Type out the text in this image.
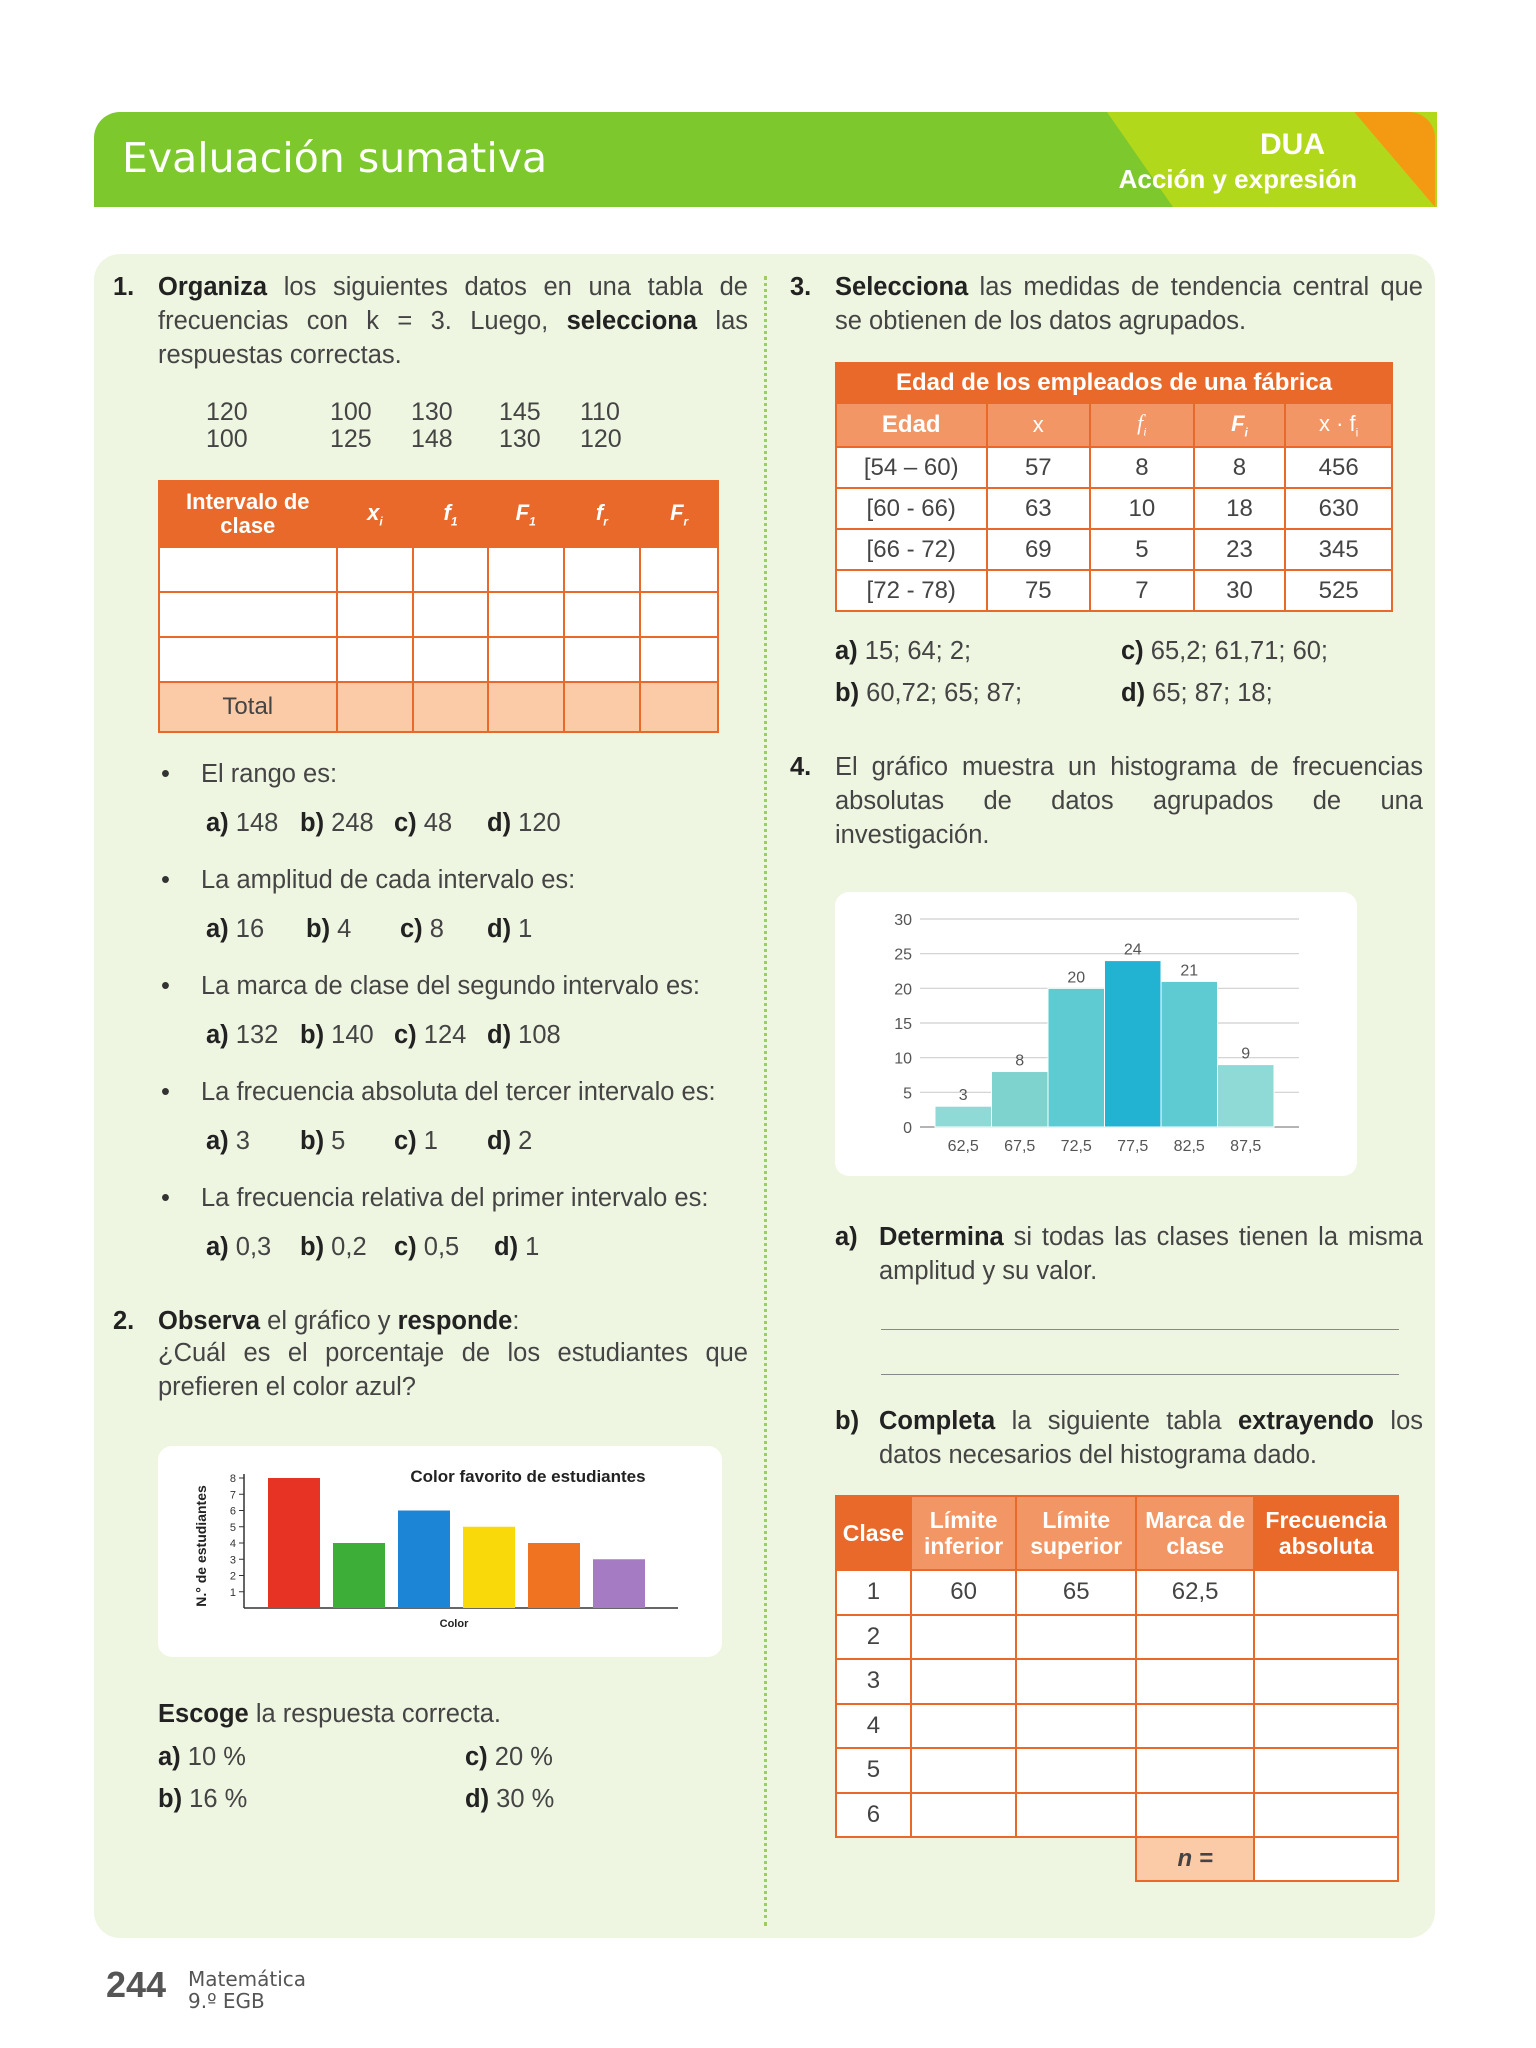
Evaluación sumativa	DUA
Acción y expresión
1. Organiza los siguientes datos en una tabla de frecuencias con k = 3. Luego, selecciona las respuestas correctas.
120	100 130 145 110
100	125 148 130 120
Intervalo de clase	$x_i$	$f_1$	$F_1$	$f_r$	$F_r$

Total					
• El rango es:
a) 148 b) 248 c) 48 d) 120
• La amplitud de cada intervalo es:
a) 16 b) 4 c) 8 d) 1
• La marca de clase del segundo intervalo es:
a) 132 b) 140 c) 124 d) 108
• La frecuencia absoluta del tercer intervalo es:
a) 3 b) 5 c) 1 d) 2
• La frecuencia relativa del primer intervalo es:
a) 0,3 b) 0,2 c) 0,5 d) 1
2. Observa el gráfico y responde:
¿Cuál es el porcentaje de los estudiantes que prefieren el color azul?
1
2
3
4
5
6
7
8	Color favorito de estudiantes
Color
N.° de estudiantes
Escoge la respuesta correcta.
a) 10 %	c) 20 %
b) 16 %	d) 30 %
3. Selecciona las medidas de tendencia central que se obtienen de los datos agrupados.
Edad de los empleados de una fábrica				
Edad	x	$f_i$	$F_i$	$x \cdot f_i$
[54 – 60)	57	8	8	456
[60 - 66)	63	10	18	630
[66 - 72)	69	5	23	345
[72 - 78)	75	7	30	525
a) 15; 64; 2;	c) 65,2; 61,71; 60;
b) 60,72; 65; 87;	d) 65; 87; 18;
4. El gráfico muestra un histograma de frecuencias absolutas de datos agrupados de una investigación.
0
5
10
15
20
25
30
3
62,5
8
67,5
20
72,5
24
77,5
21
82,5
9
87,5
a) Determina si todas las clases tienen la misma amplitud y su valor.
b) Completa la siguiente tabla extrayendo los datos necesarios del histograma dado.
Clase	Límite inferior	Límite superior	Marca de clase	Frecuencia absoluta
1	60	65	62,5	
2				
3				
4				
5				
6				
			n =	
244 Matemática
9.º EGB
